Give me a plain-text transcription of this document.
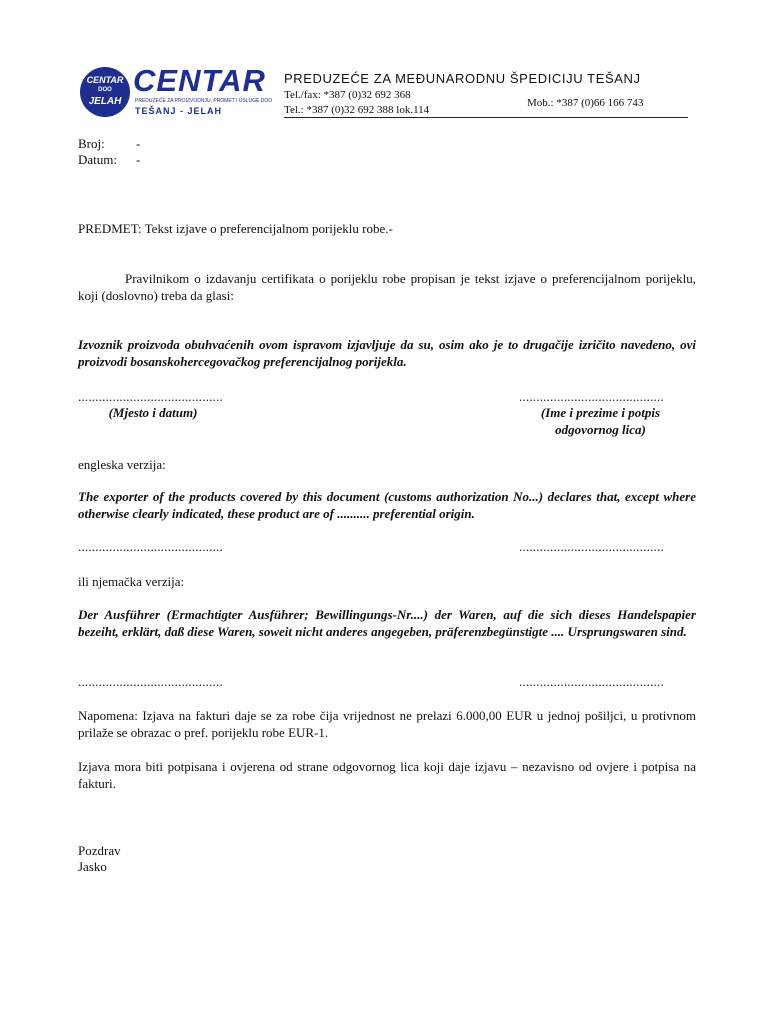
CENTAR
DOO
JELAH
CENTAR
PREDUZEĆE ZA PROIZVODNJU, PROMET I USLUGE DOO
TEŠANJ - JELAH
PREDUZEĆE ZA MEĐUNARODNU ŠPEDICIJU TEŠANJ
Tel./fax: *387 (0)32 692 368
Tel.: *387 (0)32 692 388 lok.114
Mob.: *387 (0)66 166 743
Broj: -
Datum: -
PREDMET: Tekst izjave o preferencijalnom porijeklu robe.-
Pravilnikom o izdavanju certifikata o porijeklu robe propisan je tekst izjave o preferencijalnom porijeklu, koji (doslovno) treba da glasi:
Izvoznik proizvoda obuhvaćenih ovom ispravom izjavljuje da su, osim ako je to drugačije izričito navedeno, ovi proizvodi bosanskohercegovačkog preferencijalnog porijekla.
..........................................	..........................................
(Mjesto i datum)	(Ime i prezime i potpis
odgovornog lica)
engleska verzija:
The exporter of the products covered by this document (customs authorization No...) declares that, except where otherwise clearly indicated, these product are of .......... preferential origin.
..........................................	..........................................
ili njemačka verzija:
Der Ausführer (Ermachtigter Ausführer; Bewillingungs-Nr....) der Waren, auf die sich dieses Handelspapier bezeiht, erklärt, daß diese Waren, soweit nicht anderes angegeben, präferenzbegünstigte .... Ursprungswaren sind.
..........................................	..........................................
Napomena: Izjava na fakturi daje se za robe čija vrijednost ne prelazi 6.000,00 EUR u jednoj pošiljci, u protivnom prilaže se obrazac o pref. porijeklu robe EUR-1.
Izjava mora biti potpisana i ovjerena od strane odgovornog lica koji daje izjavu – nezavisno od ovjere i potpisa na fakturi.
Pozdrav
Jasko
